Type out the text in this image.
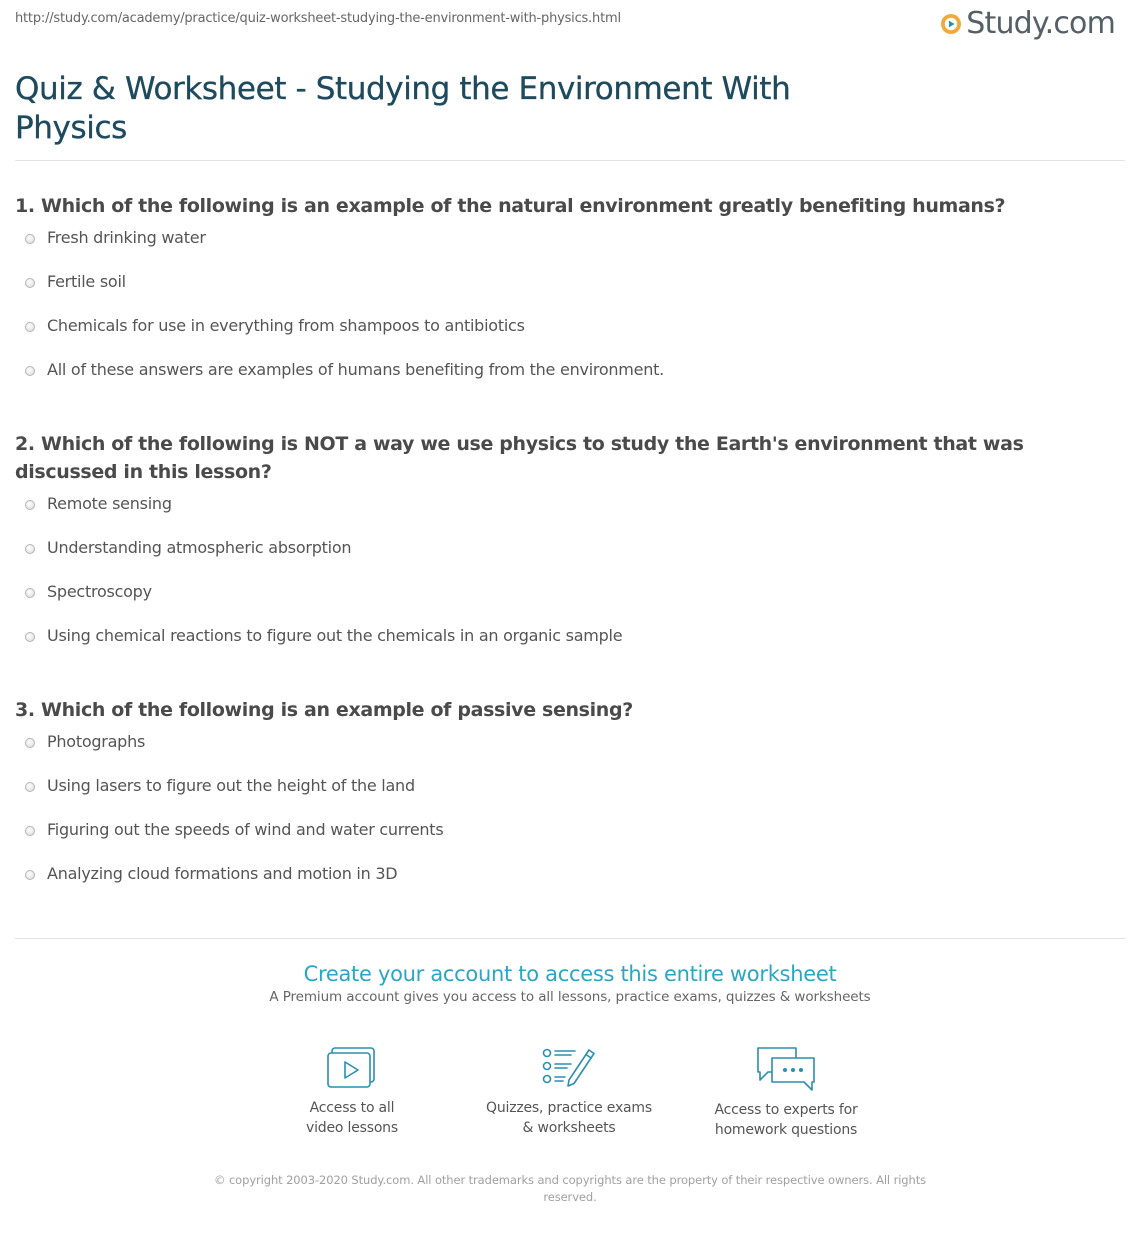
http://study.com/academy/practice/quiz-worksheet-studying-the-environment-with-physics.html	Study.com
Quiz & Worksheet - Studying the Environment With Physics

1. Which of the following is an example of the natural environment greatly benefiting humans?

Fresh drinking water
Fertile soil
Chemicals for use in everything from shampoos to antibiotics
All of these answers are examples of humans benefiting from the environment.

2. Which of the following is NOT a way we use physics to study the Earth's environment that was discussed in this lesson?

Remote sensing
Understanding atmospheric absorption
Spectroscopy
Using chemical reactions to figure out the chemicals in an organic sample

3. Which of the following is an example of passive sensing?

Photographs
Using lasers to figure out the height of the land
Figuring out the speeds of wind and water currents
Analyzing cloud formations and motion in 3D
Create your account to access this entire worksheet
A Premium account gives you access to all lessons, practice exams, quizzes & worksheets
Access to all
video lessons
Quizzes, practice exams
& worksheets
Access to experts for
homework questions
© copyright 2003-2020 Study.com. All other trademarks and copyrights are the property of their respective owners. All rights reserved.
